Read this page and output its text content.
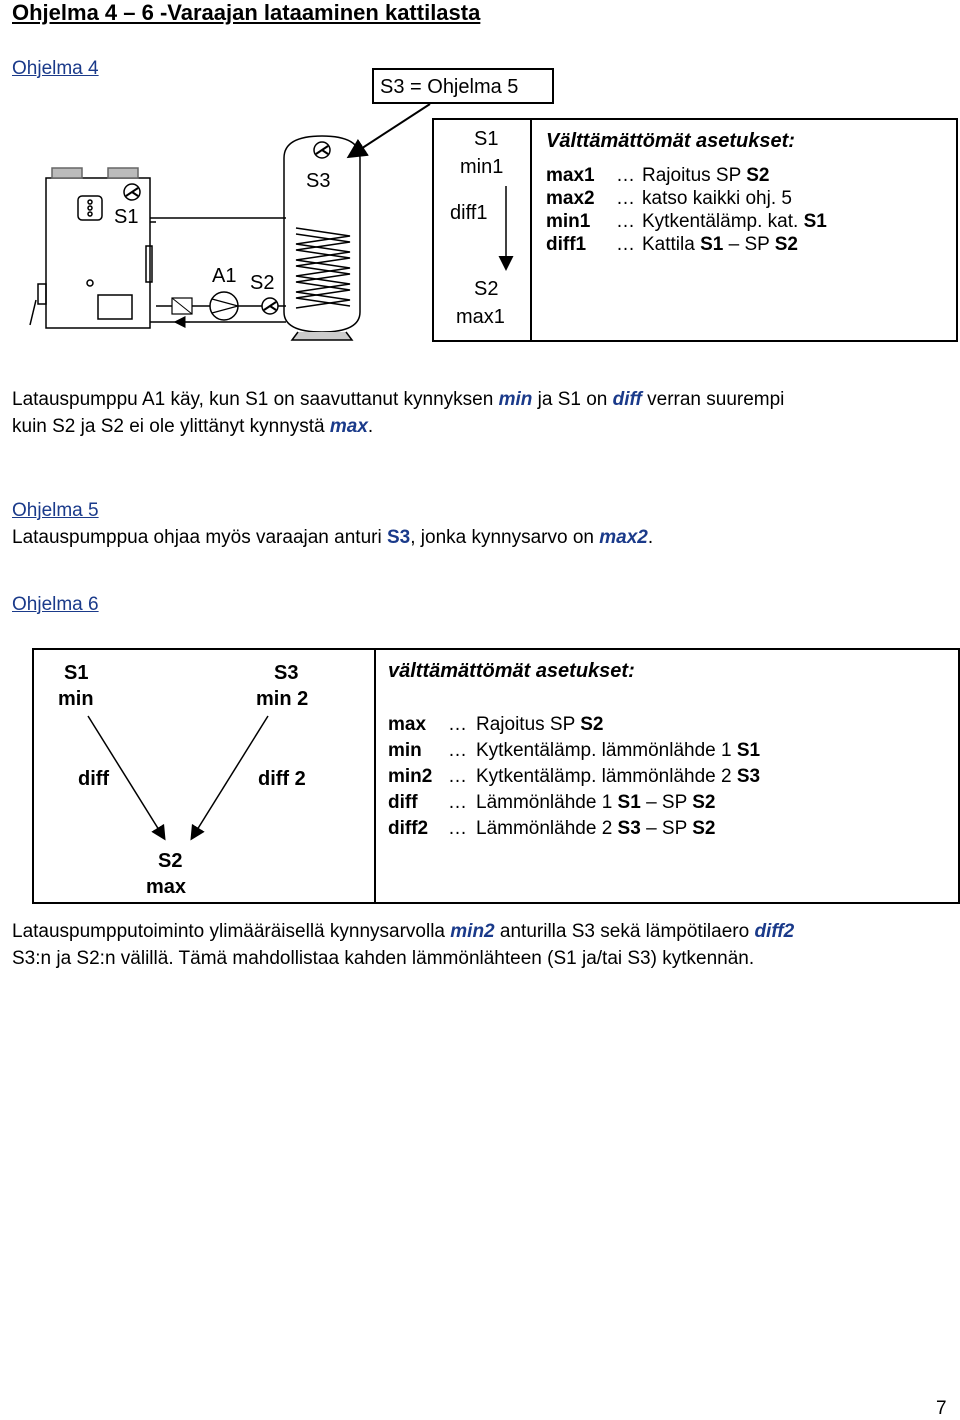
Ohjelma 4 – 6 -Varaajan lataaminen kattilasta
Ohjelma 4
S3 = Ohjelma 5
S1
S3
A1 S2
S1
min1
diff1
S2
max1
Välttämättömät asetukset:
max1 … Rajoitus SP S2
max2 … katso kaikki ohj. 5
min1 … Kytkentälämp. kat. S1
diff1 … Kattila S1 – SP S2
Latauspumppu A1 käy, kun S1 on saavuttanut kynnyksen min ja S1 on diff verran suurempi
kuin S2 ja S2 ei ole ylittänyt kynnystä max.
Ohjelma 5
Latauspumppua ohjaa myös varaajan anturi S3, jonka kynnysarvo on max2.
Ohjelma 6
S1
min
diff
S3
min 2
diff 2
S2
max
välttämättömät asetukset:
max … Rajoitus SP S2
min … Kytkentälämp. lämmönlähde 1 S1
min2 … Kytkentälämp. lämmönlähde 2 S3
diff … Lämmönlähde 1 S1 – SP S2
diff2 … Lämmönlähde 2 S3 – SP S2
Latauspumpputoiminto ylimääräisellä kynnysarvolla min2 anturilla S3 sekä lämpötilaero diff2
S3:n ja S2:n välillä. Tämä mahdollistaa kahden lämmönlähteen (S1 ja/tai S3) kytkennän.
7
